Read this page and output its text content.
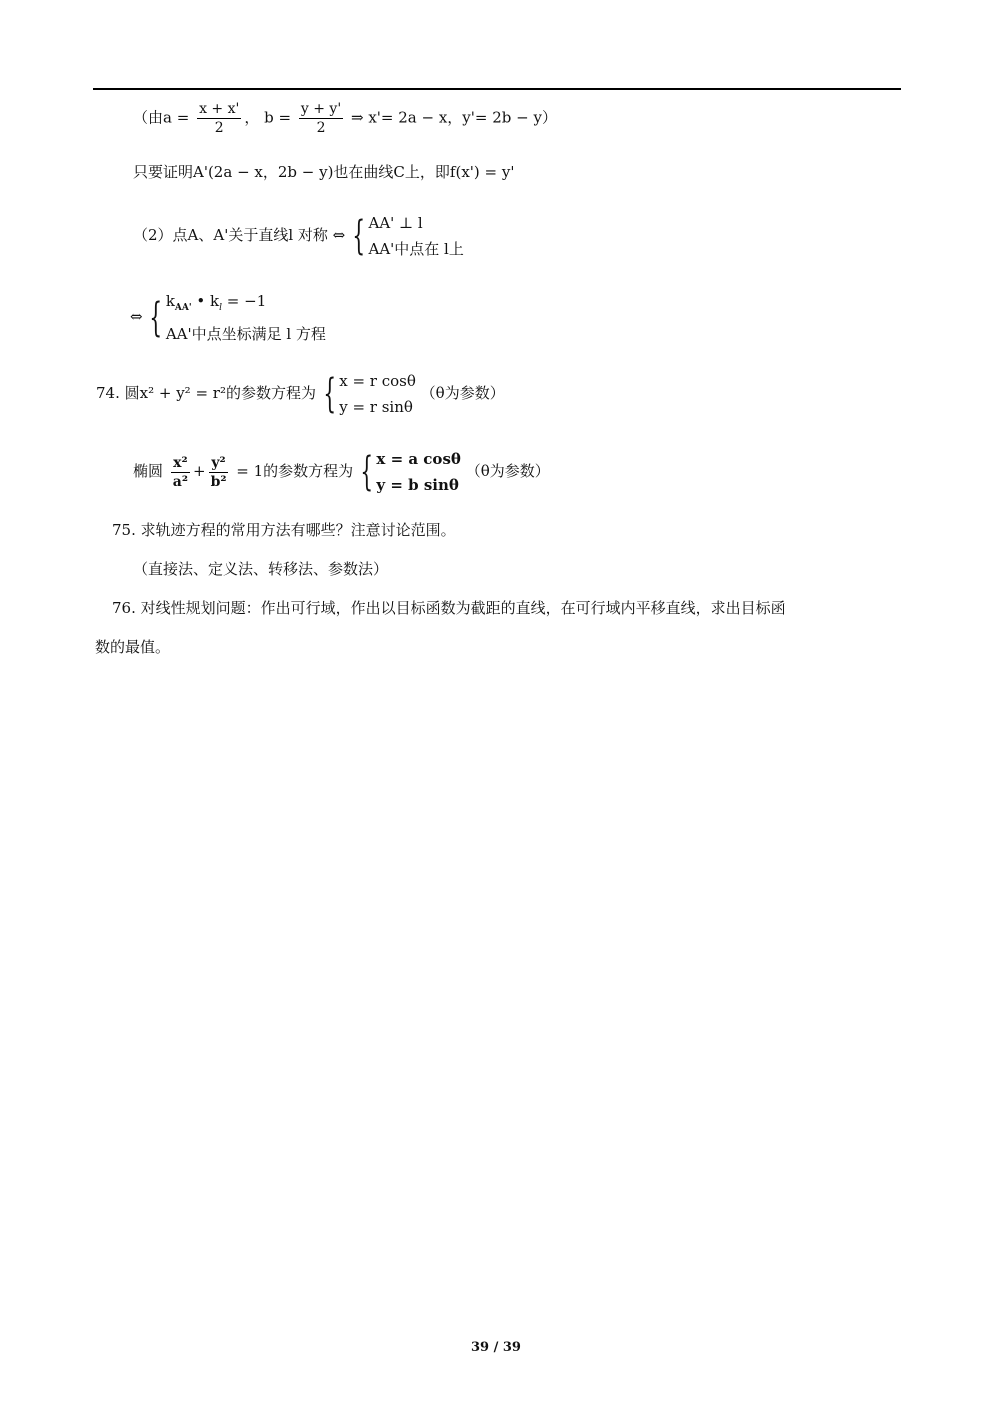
（由$a = \frac{x + x'}{2}$ ， $b = \frac{y + y'}{2}$ ⇒ x'= 2a − x，y'= 2b − y）
只要证明A'(2a − x，2b − y)也在曲线C上，即f(x') = y'
（2）点A、A'关于直线l 对称 ⇔ { AA' ⊥ l
AA'中点在 l上
⇔ { $k_{AA'}$ • $k_l = -1$
AA'中点坐标满足 l 方程
74. 圆x² + y² = r²的参数方程为 { x = r cosθ
y = r sinθ
（θ为参数）
椭圆 $\frac{\text{x²}}{\text{a²}} + \frac{\text{y²}}{\text{b²}} = 1$的参数方程为 { x = a cosθ
y = b sinθ
（θ为参数）
75. 求轨迹方程的常用方法有哪些？注意讨论范围。
（直接法、定义法、转移法、参数法）
76. 对线性规划问题：作出可行域，作出以目标函数为截距的直线，在可行域内平移直线，求出目标函
数的最值。
39 / 39
